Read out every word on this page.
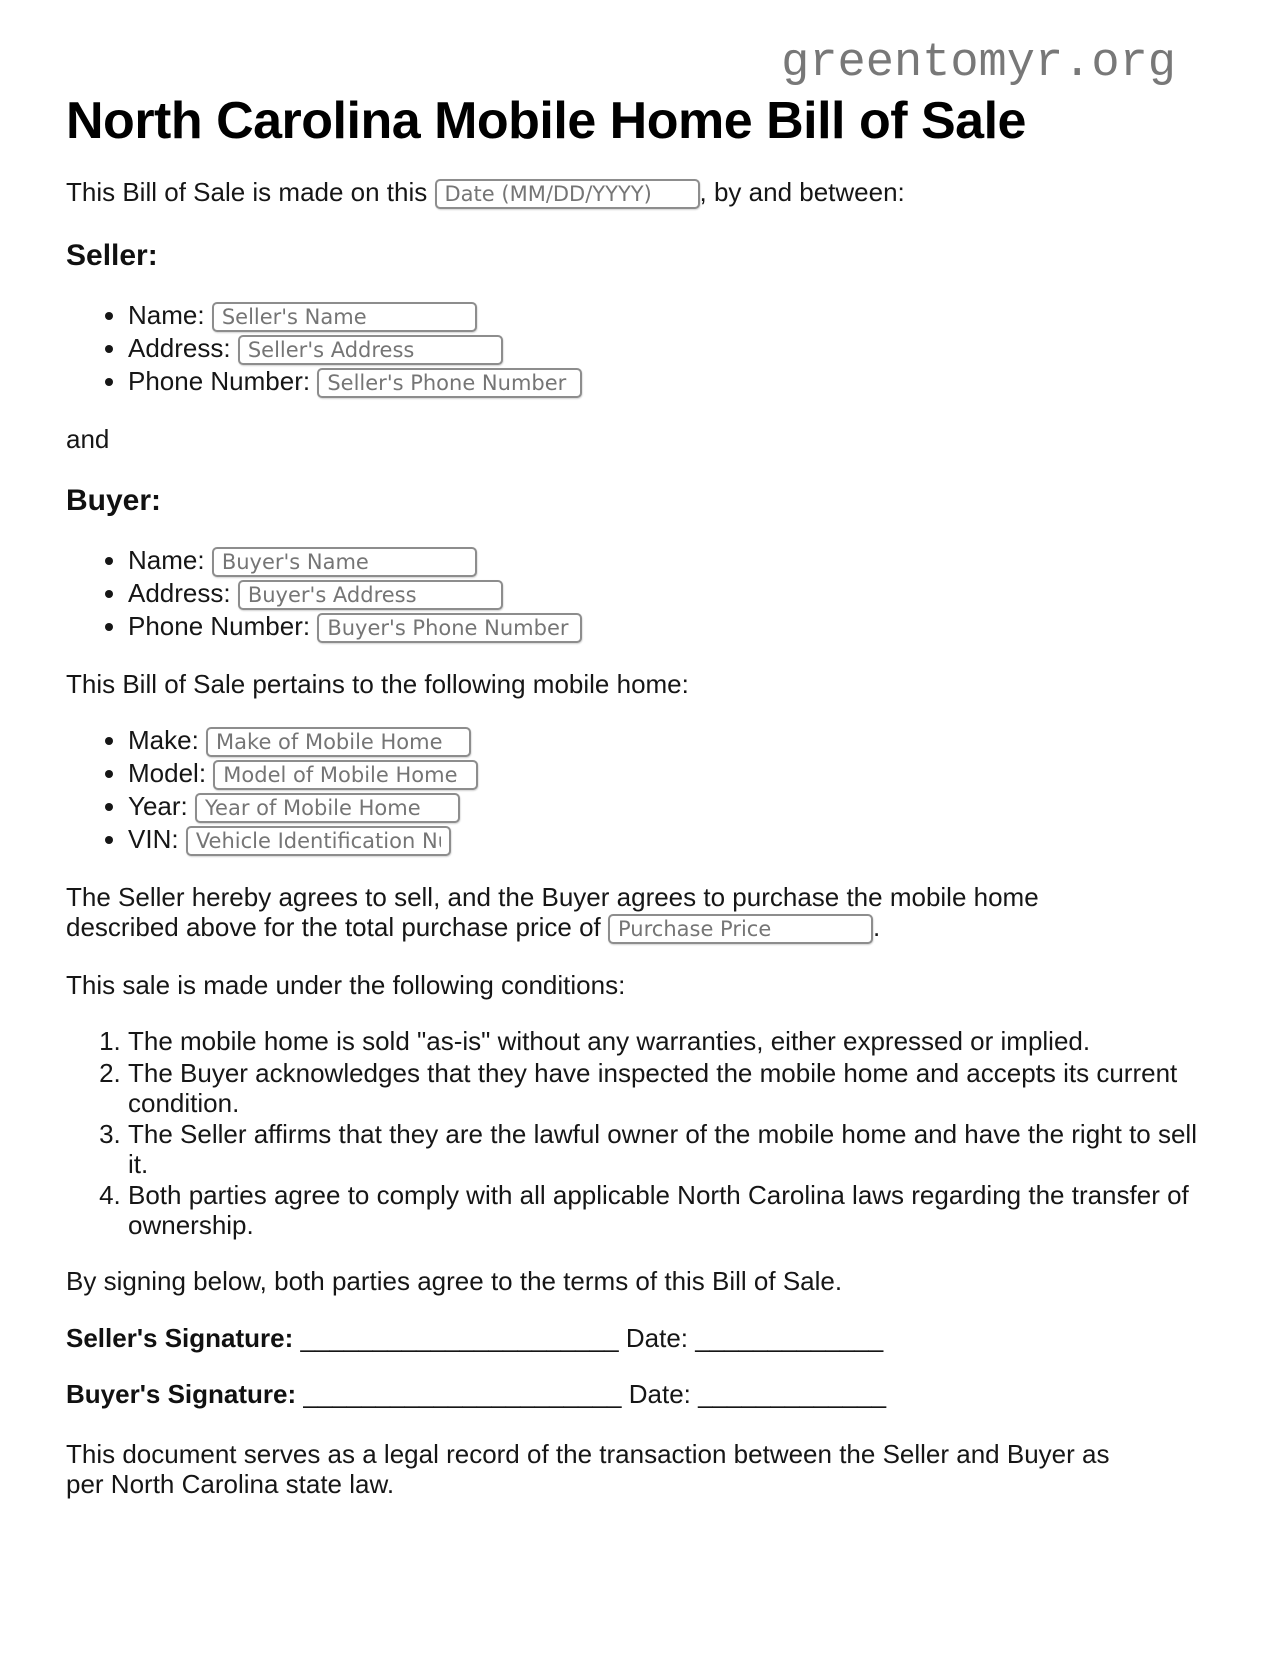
greentomyr.org
North Carolina Mobile Home Bill of Sale

This Bill of Sale is made on this Date (MM/DD/YYYY)	, by and between:

Seller:
• Name: Seller's Name
• Address: Seller's Address
• Phone Number: Seller's Phone Number

and

Buyer:
• Name: Buyer's Name
• Address: Buyer's Address
• Phone Number: Buyer's Phone Number

This Bill of Sale pertains to the following mobile home:

• Make: Make of Mobile Home
• Model: Model of Mobile Home
• Year: Year of Mobile Home
• VIN: Vehicle Identification Number

The Seller hereby agrees to sell, and the Buyer agrees to purchase the mobile home described above for the total purchase price of Purchase Price	.

This sale is made under the following conditions:

1. The mobile home is sold "as-is" without any warranties, either expressed or implied.
2. The Buyer acknowledges that they have inspected the mobile home and accepts its current condition.
3. The Seller affirms that they are the lawful owner of the mobile home and have the right to sell it.
4. Both parties agree to comply with all applicable North Carolina laws regarding the transfer of ownership.

By signing below, both parties agree to the terms of this Bill of Sale.

Seller's Signature: ______________________ Date: _____________

Buyer's Signature: ______________________ Date: _____________

This document serves as a legal record of the transaction between the Seller and Buyer as per North Carolina state law.
